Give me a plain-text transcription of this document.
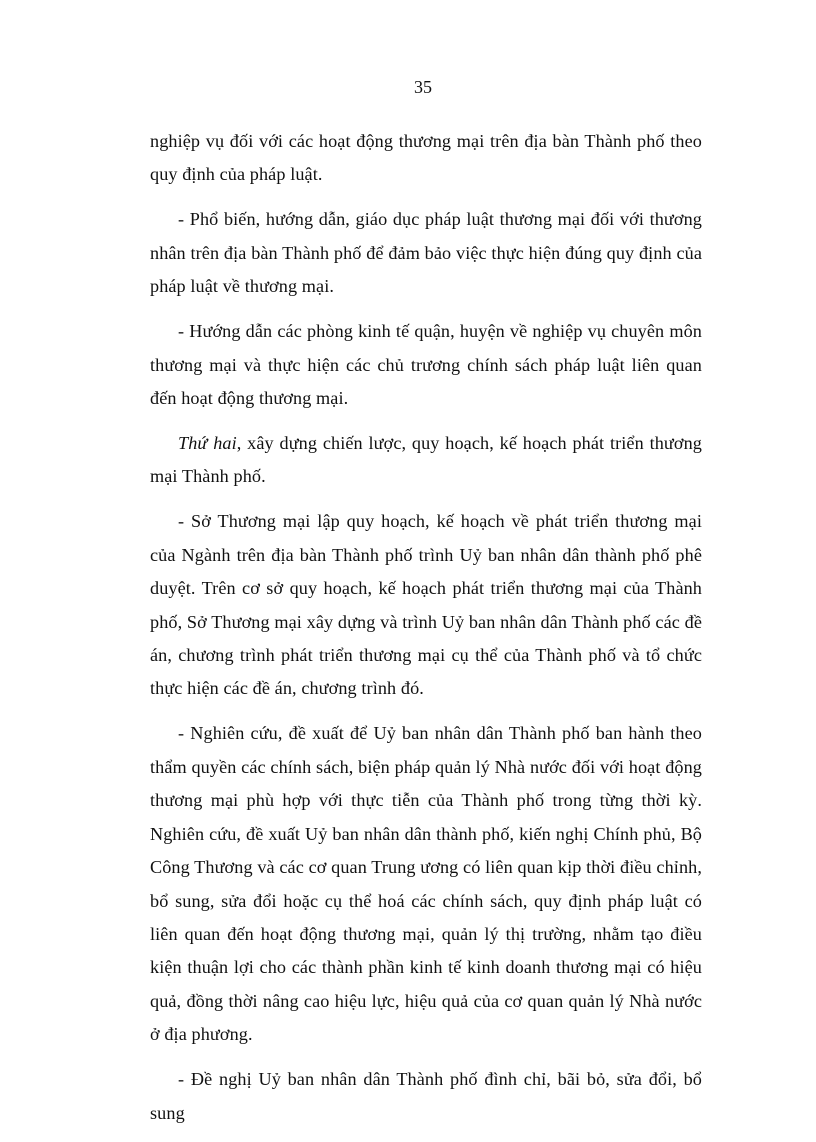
35

nghiệp vụ đối với các hoạt động thương mại trên địa bàn Thành phố theo quy định của pháp luật.

- Phổ biến, hướng dẫn, giáo dục pháp luật thương mại đối với thương nhân trên địa bàn Thành phố để đảm bảo việc thực hiện đúng quy định của pháp luật về thương mại.

- Hướng dẫn các phòng kinh tế quận, huyện về nghiệp vụ chuyên môn thương mại và thực hiện các chủ trương chính sách pháp luật liên quan đến hoạt động thương mại.

Thứ hai, xây dựng chiến lược, quy hoạch, kế hoạch phát triển thương mại Thành phố.

- Sở Thương mại lập quy hoạch, kế hoạch về phát triển thương mại của Ngành trên địa bàn Thành phố trình Uỷ ban nhân dân thành phố phê duyệt. Trên cơ sở quy hoạch, kế hoạch phát triển thương mại của Thành phố, Sở Thương mại xây dựng và trình Uỷ ban nhân dân Thành phố các đề án, chương trình phát triển thương mại cụ thể của Thành phố và tổ chức thực hiện các đề án, chương trình đó.

- Nghiên cứu, đề xuất để Uỷ ban nhân dân Thành phố ban hành theo thẩm quyền các chính sách, biện pháp quản lý Nhà nước đối với hoạt động thương mại phù hợp với thực tiễn của Thành phố trong từng thời kỳ. Nghiên cứu, đề xuất Uỷ ban nhân dân thành phố, kiến nghị Chính phủ, Bộ Công Thương và các cơ quan Trung ương có liên quan kịp thời điều chỉnh, bổ sung, sửa đổi hoặc cụ thể hoá các chính sách, quy định pháp luật có liên quan đến hoạt động thương mại, quản lý thị trường, nhằm tạo điều kiện thuận lợi cho các thành phần kinh tế kinh doanh thương mại có hiệu quả, đồng thời nâng cao hiệu lực, hiệu quả của cơ quan quản lý Nhà nước ở địa phương.

- Đề nghị Uỷ ban nhân dân Thành phố đình chỉ, bãi bỏ, sửa đổi, bổ sung
